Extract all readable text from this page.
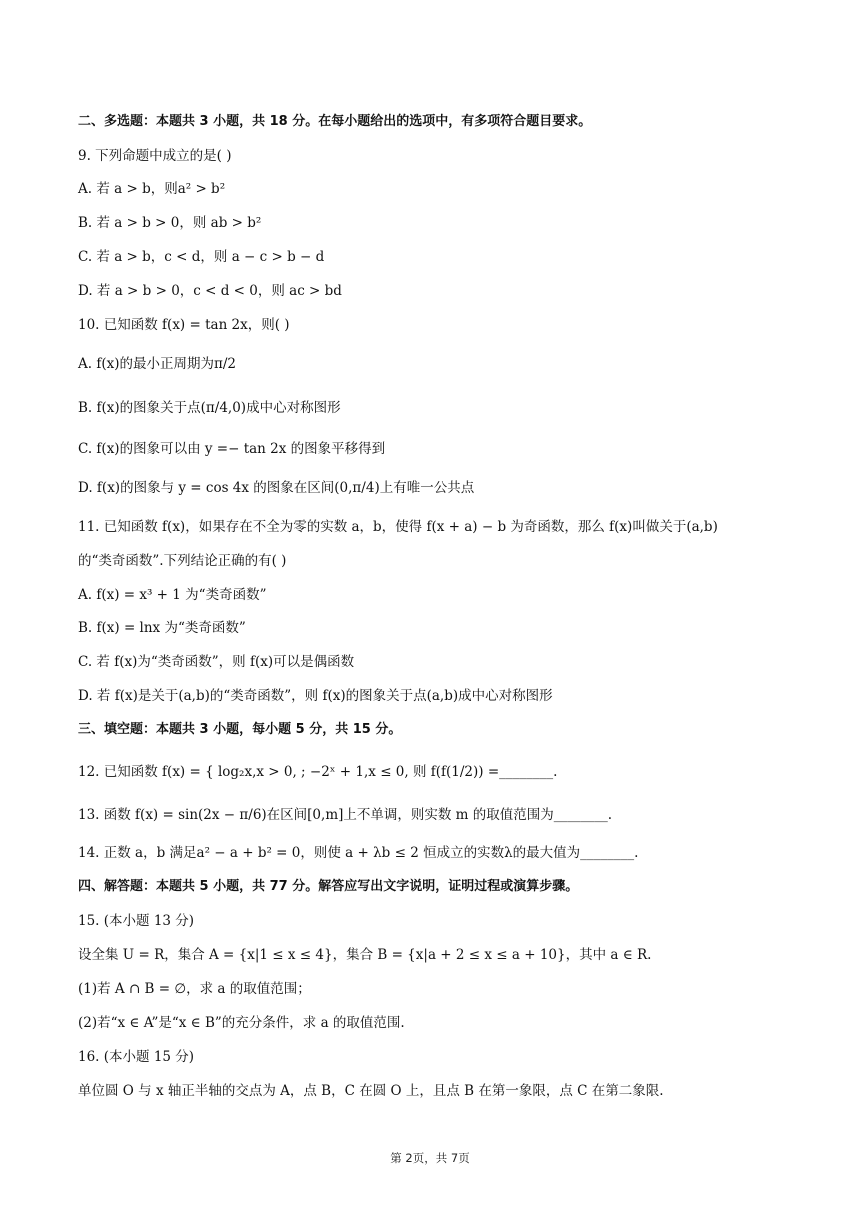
二、多选题：本题共 3 小题，共 18 分。在每小题给出的选项中，有多项符合题目要求。
9. 下列命题中成立的是( )
A. 若 a > b，则a² > b²
B. 若 a > b > 0，则 ab > b²
C. 若 a > b，c < d，则 a − c > b − d
D. 若 a > b > 0，c < d < 0，则 ac > bd
10. 已知函数 f(x) = tan 2x，则( )
A. f(x)的最小正周期为π/2
B. f(x)的图象关于点(π/4,0)成中心对称图形
C. f(x)的图象可以由 y =− tan 2x 的图象平移得到
D. f(x)的图象与 y = cos 4x 的图象在区间(0,π/4)上有唯一公共点
11. 已知函数 f(x)，如果存在不全为零的实数 a，b，使得 f(x + a) − b 为奇函数，那么 f(x)叫做关于(a,b)
的“类奇函数”.下列结论正确的有( )
A. f(x) = x³ + 1 为“类奇函数”
B. f(x) = lnx 为“类奇函数”
C. 若 f(x)为“类奇函数”，则 f(x)可以是偶函数
D. 若 f(x)是关于(a,b)的“类奇函数”，则 f(x)的图象关于点(a,b)成中心对称图形
三、填空题：本题共 3 小题，每小题 5 分，共 15 分。
12. 已知函数 f(x) = { log₂x,x > 0, ; −2ˣ + 1,x ≤ 0, 则 f(f(1/2)) =________.
13. 函数 f(x) = sin(2x − π/6)在区间[0,m]上不单调，则实数 m 的取值范围为________.
14. 正数 a，b 满足a² − a + b² = 0，则使 a + λb ≤ 2 恒成立的实数λ的最大值为________.
四、解答题：本题共 5 小题，共 77 分。解答应写出文字说明，证明过程或演算步骤。
15. (本小题 13 分)
设全集 U = R，集合 A = {x|1 ≤ x ≤ 4}，集合 B = {x|a + 2 ≤ x ≤ a + 10}，其中 a ∈ R.
(1)若 A ∩ B = ∅，求 a 的取值范围；
(2)若“x ∈ A”是“x ∈ B”的充分条件，求 a 的取值范围.
16. (本小题 15 分)
单位圆 O 与 x 轴正半轴的交点为 A，点 B，C 在圆 O 上，且点 B 在第一象限，点 C 在第二象限.
第 2页，共 7页
